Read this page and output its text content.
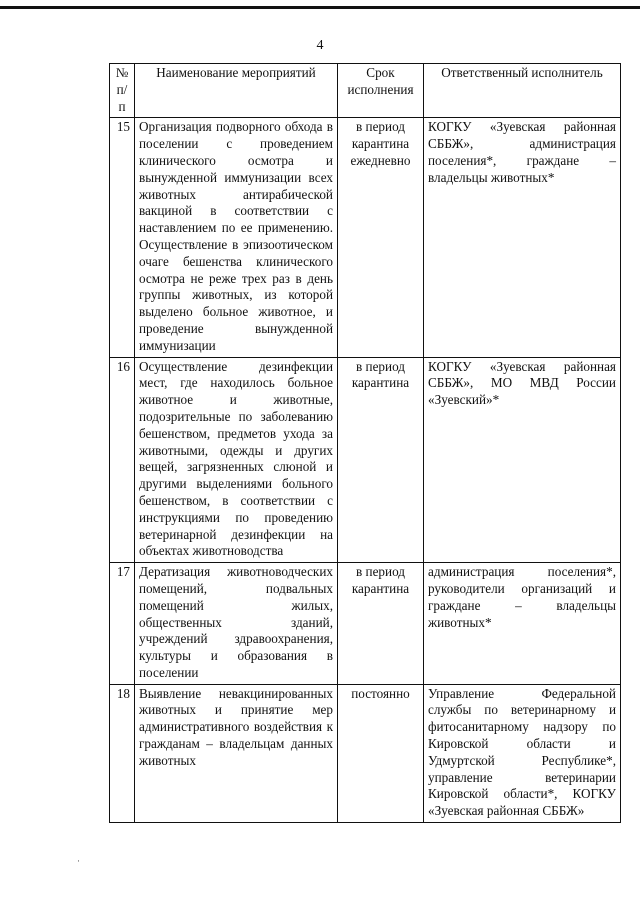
4
№ п/п	Наименование мероприятий	Срок исполнения	Ответственный исполнитель
15	Организация подворного обхода в поселении с проведением клинического осмотра и вынужденной иммунизации всех животных антирабической вакциной в соответствии с наставлением по ее применению. Осуществление в эпизоотическом очаге бешенства клинического осмотра не реже трех раз в день группы животных, из которой выделено больное животное, и проведение вынужденной иммунизации	в период карантина ежедневно	КОГКУ «Зуевская районная СББЖ», администрация поселения*, граждане – владельцы животных*
16	Осуществление дезинфекции мест, где находилось больное животное и животные, подозрительные по заболеванию бешенством, предметов ухода за животными, одежды и других вещей, загрязненных слюной и другими выделениями больного бешенством, в соответствии с инструкциями по проведению ветеринарной дезинфекции на объектах животноводства	в период карантина	КОГКУ «Зуевская районная СББЖ», МО МВД России «Зуевский»*
17	Дератизация животноводческих помещений, подвальных помещений жилых, общественных зданий, учреждений здравоохранения, культуры и образования в поселении	в период карантина	администрация поселения*, руководители организаций и граждане – владельцы животных*
18	Выявление невакцинированных животных и принятие мер административного воздействия к гражданам – владельцам данных животных	постоянно	Управление Федеральной службы по ветеринарному и фитосанитарному надзору по Кировской области и Удмуртской Республике*, управление ветеринарии Кировской области*, КОГКУ «Зуевская районная СББЖ»
·
